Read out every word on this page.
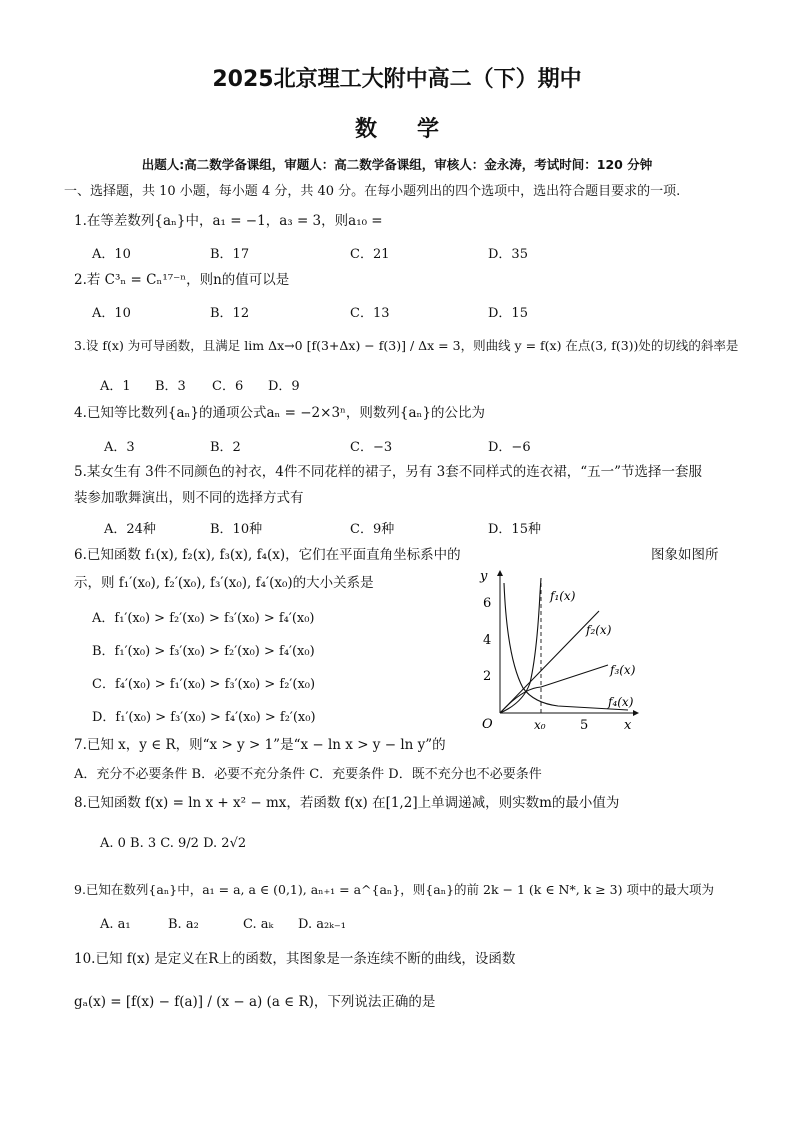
2025北京理工大附中高二（下）期中
数学
出题人:高二数学备课组，审题人：高二数学备课组，审核人：金永涛，考试时间：120 分钟
一、选择题，共 10 小题，每小题 4 分，共 40 分。在每小题列出的四个选项中，选出符合题目要求的一项.
1.在等差数列{aₙ}中，a₁ = −1，a₃ = 3，则a₁₀ =
A．10	B．17	C．21	D．35
2.若 C³ₙ = Cₙ¹⁷⁻ⁿ，则n的值可以是
A．10	B．12	C．13	D．15
3.设 f(x) 为可导函数，且满足 lim Δx→0 [f(3+Δx) − f(3)] / Δx = 3，则曲线 y = f(x) 在点(3, f(3))处的切线的斜率是
A．1 B．3 C．6 D．9
4.已知等比数列{aₙ}的通项公式aₙ = −2×3ⁿ，则数列{aₙ}的公比为
A．3	B．2	C．−3	D．−6
5.某女生有 3件不同颜色的衬衣，4件不同花样的裙子，另有 3套不同样式的连衣裙，“五一”节选择一套服
装参加歌舞演出，则不同的选择方式有
A．24种	B．10种	C．9种	D．15种
6.已知函数 f₁(x), f₂(x), f₃(x), f₄(x)，它们在平面直角坐标系中的	图象如图所
示，则 f₁′(x₀), f₂′(x₀), f₃′(x₀), f₄′(x₀)的大小关系是
A．f₁′(x₀) > f₂′(x₀) > f₃′(x₀) > f₄′(x₀)
B．f₁′(x₀) > f₃′(x₀) > f₂′(x₀) > f₄′(x₀)
C．f₄′(x₀) > f₁′(x₀) > f₃′(x₀) > f₂′(x₀)
D．f₁′(x₀) > f₃′(x₀) > f₄′(x₀) > f₂′(x₀)
y
x
O
6
4
2
x₀	5
f₁(x)
f₂(x)
f₃(x)
f₄(x)
7.已知 x，y ∈ R，则“x > y > 1”是“x − ln x > y − ln y”的
A．充分不必要条件 B．必要不充分条件 C．充要条件 D．既不充分也不必要条件
8.已知函数 f(x) = ln x + x² − mx，若函数 f(x) 在[1,2]上单调递减，则实数m的最小值为
A. 0 B. 3 C. 9/2 D. 2√2
9.已知在数列{aₙ}中，a₁ = a, a ∈ (0,1), aₙ₊₁ = a^{aₙ}，则{aₙ}的前 2k − 1 (k ∈ N*, k ≥ 3) 项中的最大项为
A. a₁	B. a₂	C. aₖ D. a₂ₖ₋₁
10.已知 f(x) 是定义在R上的函数，其图象是一条连续不断的曲线，设函数
gₐ(x) = [f(x) − f(a)] / (x − a) (a ∈ R)，下列说法正确的是
